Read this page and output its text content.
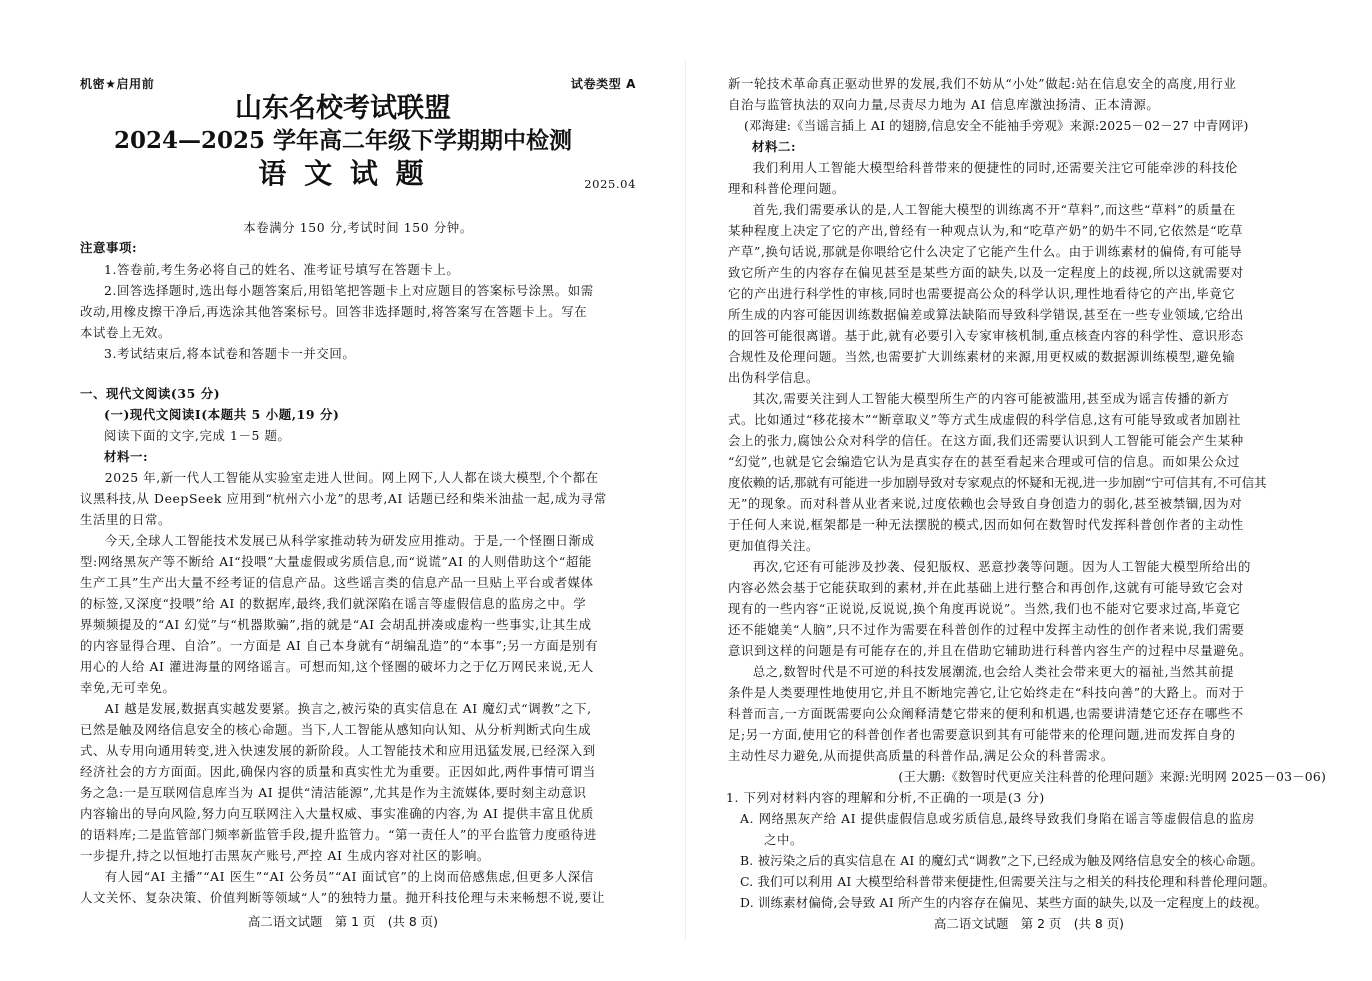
机密★启用前	试卷类型 A
山东名校考试联盟
2024—2025 学年高二年级下学期期中检测
语 文 试 题	2025.04
本卷满分 150 分,考试时间 150 分钟。
注意事项:
1.答卷前,考生务必将自己的姓名、准考证号填写在答题卡上。
2.回答选择题时,选出每小题答案后,用铅笔把答题卡上对应题目的答案标号涂黑。如需
改动,用橡皮擦干净后,再选涂其他答案标号。回答非选择题时,将答案写在答题卡上。写在
本试卷上无效。
3.考试结束后,将本试卷和答题卡一并交回。
一、现代文阅读(35 分)
(一)现代文阅读Ⅰ(本题共 5 小题,19 分)
阅读下面的文字,完成 1－5 题。
材料一:
2025 年,新一代人工智能从实验室走进人世间。网上网下,人人都在谈大模型,个个都在
议黑科技,从 DeepSeek 应用到“杭州六小龙”的思考,AI 话题已经和柴米油盐一起,成为寻常
生活里的日常。
今天,全球人工智能技术发展已从科学家推动转为研发应用推动。于是,一个怪圈日渐成
型:网络黑灰产等不断给 AI“投喂”大量虚假或劣质信息,而“说谎”AI 的人则借助这个“超能
生产工具”生产出大量不经考证的信息产品。这些谣言类的信息产品一旦贴上平台或者媒体
的标签,又深度“投喂”给 AI 的数据库,最终,我们就深陷在谣言等虚假信息的监房之中。学
界频频提及的“AI 幻觉”与“机器欺骗”,指的就是“AI 会胡乱拼凑或虚构一些事实,让其生成
的内容显得合理、自洽”。一方面是 AI 自己本身就有“胡编乱造”的“本事”;另一方面是别有
用心的人给 AI 灌进海量的网络谣言。可想而知,这个怪圈的破坏力之于亿万网民来说,无人
幸免,无可幸免。
AI 越是发展,数据真实越发要紧。换言之,被污染的真实信息在 AI 魔幻式“调教”之下,
已然是触及网络信息安全的核心命题。当下,人工智能从感知向认知、从分析判断式向生成
式、从专用向通用转变,进入快速发展的新阶段。人工智能技术和应用迅猛发展,已经深入到
经济社会的方方面面。因此,确保内容的质量和真实性尤为重要。正因如此,两件事情可谓当
务之急:一是互联网信息库当为 AI 提供“清洁能源”,尤其是作为主流媒体,要时刻主动意识
内容输出的导向风险,努力向互联网注入大量权威、事实准确的内容,为 AI 提供丰富且优质
的语料库;二是监管部门频率新监管手段,提升监管力。“第一责任人”的平台监管力度亟待进
一步提升,持之以恒地打击黑灰产账号,严控 AI 生成内容对社区的影响。
有人园“AI 主播”“AI 医生”“AI 公务员”“AI 面试官”的上岗而倍感焦虑,但更多人深信
人文关怀、复杂决策、价值判断等领域“人”的独特力量。抛开科技伦理与未来畅想不说,要让
高二语文试题　第 1 页　(共 8 页)
新一轮技术革命真正驱动世界的发展,我们不妨从“小处”做起:站在信息安全的高度,用行业
自治与监管执法的双向力量,尽责尽力地为 AI 信息库激浊扬清、正本清源。
(邓海建:《当谣言插上 AI 的翅膀,信息安全不能袖手旁观》来源:2025－02－27 中青网评)
材料二:
我们利用人工智能大模型给科普带来的便捷性的同时,还需要关注它可能牵涉的科技伦
理和科普伦理问题。
首先,我们需要承认的是,人工智能大模型的训练离不开“草料”,而这些“草料”的质量在
某种程度上决定了它的产出,曾经有一种观点认为,和“吃草产奶”的奶牛不同,它依然是“吃草
产草”,换句话说,那就是你喂给它什么决定了它能产生什么。由于训练素材的偏倚,有可能导
致它所产生的内容存在偏见甚至是某些方面的缺失,以及一定程度上的歧视,所以这就需要对
它的产出进行科学性的审核,同时也需要提高公众的科学认识,理性地看待它的产出,毕竟它
所生成的内容可能因训练数据偏差或算法缺陷而导致科学错误,甚至在一些专业领域,它给出
的回答可能很离谱。基于此,就有必要引入专家审核机制,重点核查内容的科学性、意识形态
合规性及伦理问题。当然,也需要扩大训练素材的来源,用更权威的数据源训练模型,避免输
出伪科学信息。
其次,需要关注到人工智能大模型所生产的内容可能被滥用,甚至成为谣言传播的新方
式。比如通过“移花接木”“断章取义”等方式生成虚假的科学信息,这有可能导致或者加剧社
会上的张力,腐蚀公众对科学的信任。在这方面,我们还需要认识到人工智能可能会产生某种
“幻觉”,也就是它会编造它认为是真实存在的甚至看起来合理或可信的信息。而如果公众过
度依赖的话,那就有可能进一步加剧导致对专家观点的怀疑和无视,进一步加剧“宁可信其有,不可信其
无”的现象。而对科普从业者来说,过度依赖也会导致自身创造力的弱化,甚至被禁锢,因为对
于任何人来说,框架都是一种无法摆脱的模式,因而如何在数智时代发挥科普创作者的主动性
更加值得关注。
再次,它还有可能涉及抄袭、侵犯版权、恶意抄袭等问题。因为人工智能大模型所给出的
内容必然会基于它能获取到的素材,并在此基础上进行整合和再创作,这就有可能导致它会对
现有的一些内容“正说说,反说说,换个角度再说说”。当然,我们也不能对它要求过高,毕竟它
还不能媲美“人脑”,只不过作为需要在科普创作的过程中发挥主动性的创作者来说,我们需要
意识到这样的问题是有可能存在的,并且在借助它辅助进行科普内容生产的过程中尽量避免。
总之,数智时代是不可逆的科技发展潮流,也会给人类社会带来更大的福祉,当然其前提
条件是人类要理性地使用它,并且不断地完善它,让它始终走在“科技向善”的大路上。而对于
科普而言,一方面既需要向公众阐释清楚它带来的便利和机遇,也需要讲清楚它还存在哪些不
足;另一方面,使用它的科普创作者也需要意识到其有可能带来的伦理问题,进而发挥自身的
主动性尽力避免,从而提供高质量的科普作品,满足公众的科普需求。
(王大鹏:《数智时代更应关注科普的伦理问题》来源:光明网 2025－03－06)
1. 下列对材料内容的理解和分析,不正确的一项是(3 分)
A. 网络黑灰产给 AI 提供虚假信息或劣质信息,最终导致我们身陷在谣言等虚假信息的监房
之中。
B. 被污染之后的真实信息在 AI 的魔幻式“调教”之下,已经成为触及网络信息安全的核心命题。
C. 我们可以利用 AI 大模型给科普带来便捷性,但需要关注与之相关的科技伦理和科普伦理问题。
D. 训练素材偏倚,会导致 AI 所产生的内容存在偏见、某些方面的缺失,以及一定程度上的歧视。
高二语文试题　第 2 页　(共 8 页)
